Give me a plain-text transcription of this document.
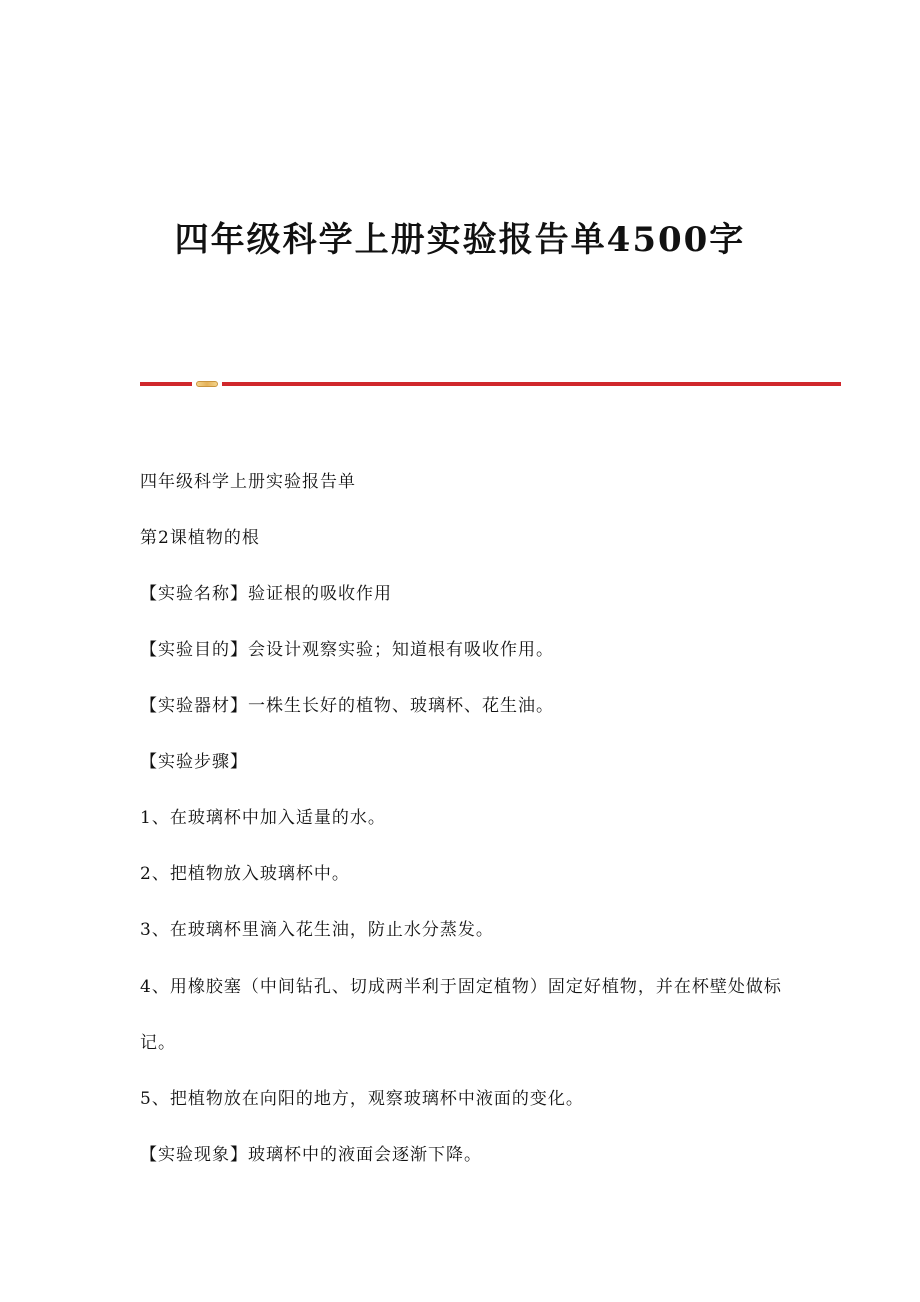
四年级科学上册实验报告单4500字

四年级科学上册实验报告单

第2课植物的根

【实验名称】验证根的吸收作用

【实验目的】会设计观察实验；知道根有吸收作用。

【实验器材】一株生长好的植物、玻璃杯、花生油。

【实验步骤】

1、在玻璃杯中加入适量的水。

2、把植物放入玻璃杯中。

3、在玻璃杯里滴入花生油，防止水分蒸发。

4、用橡胶塞（中间钻孔、切成两半利于固定植物）固定好植物，并在杯壁处做标记。

5、把植物放在向阳的地方，观察玻璃杯中液面的变化。

【实验现象】玻璃杯中的液面会逐渐下降。
